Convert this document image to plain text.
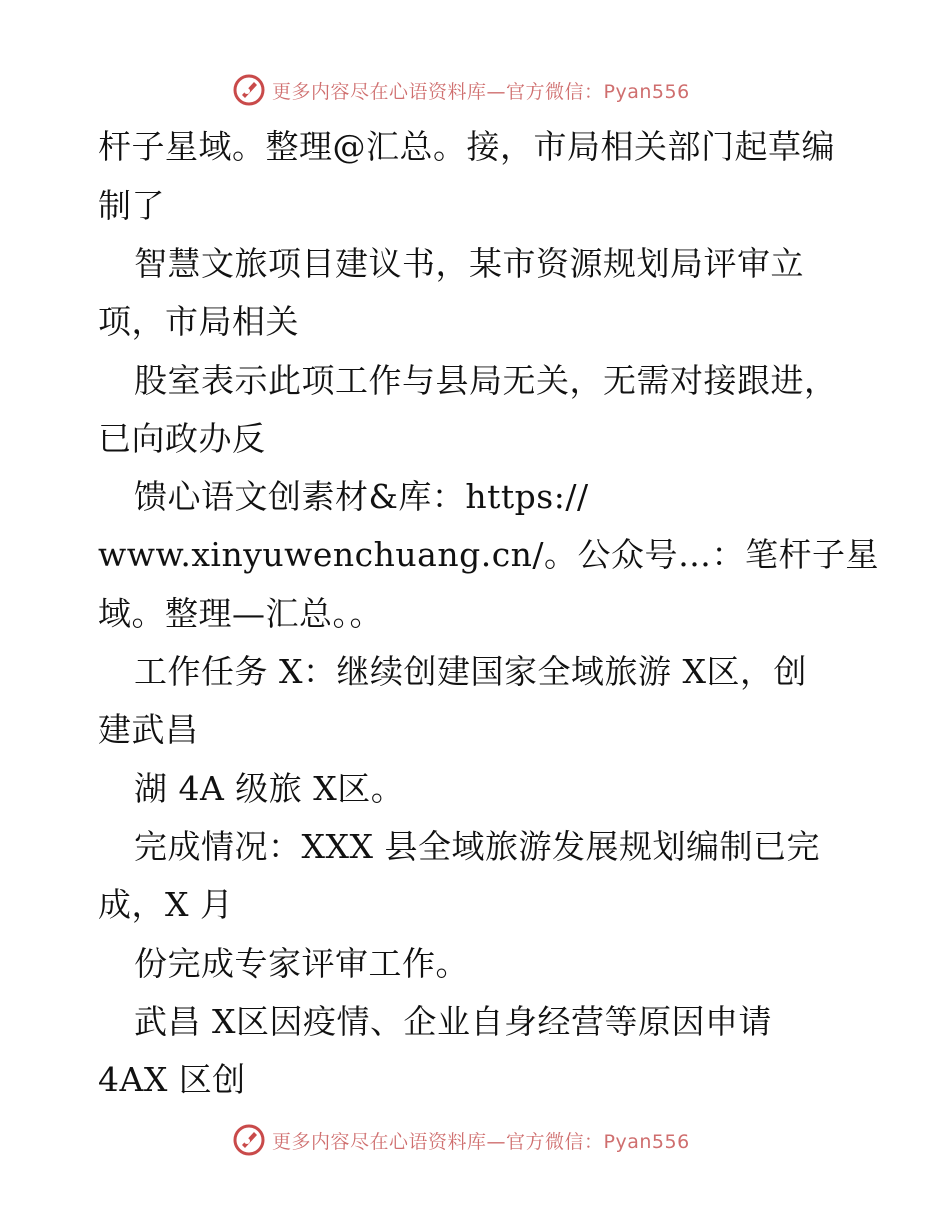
更多内容尽在心语资料库—官方微信：Pyan556
杆子星域。整理@汇总。接，市局相关部门起草编
制了
智慧文旅项目建议书，某市资源规划局评审立
项，市局相关
股室表示此项工作与县局无关，无需对接跟进，
已向政办反
馈心语文创素材&库：https://
www.xinyuwenchuang.cn/。公众号…：笔杆子星
域。整理—汇总。。
工作任务 X：继续创建国家全域旅游 X区，创
建武昌
湖 4A 级旅 X区。
完成情况：XXX 县全域旅游发展规划编制已完
成，X 月
份完成专家评审工作。
武昌 X区因疫情、企业自身经营等原因申请
4AX 区创
更多内容尽在心语资料库—官方微信：Pyan556
